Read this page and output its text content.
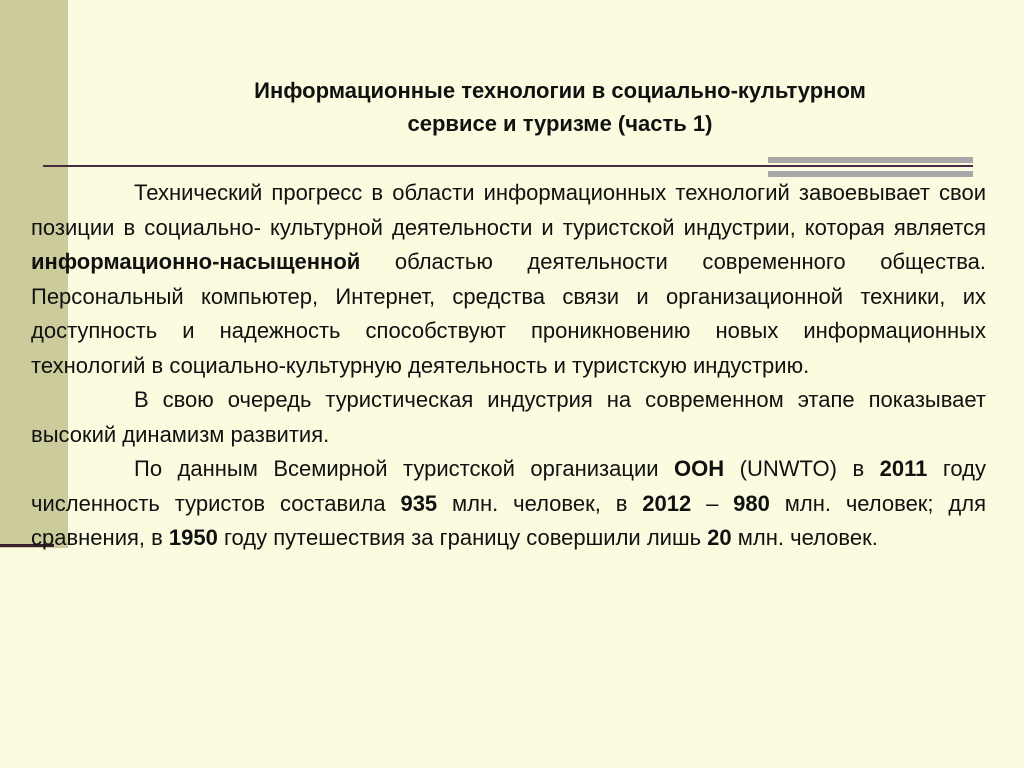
Информационные технологии в социально-культурном
сервисе и туризме (часть 1)

Технический прогресс в области информационных технологий завоевывает свои позиции в социально- культурной деятельности и туристской индустрии, которая является информационно-насыщенной областью деятельности современного общества. Персональный компьютер, Интернет, средства связи и организационной техники, их доступность и надежность способствуют проникновению новых информационных технологий в социально-культурную деятельность и туристскую индустрию.

В свою очередь туристическая индустрия на современном этапе показывает высокий динамизм развития.

По данным Всемирной туристской организации ООН (UNWTO) в 2011 году численность туристов составила 935 млн. человек, в 2012 – 980 млн. человек; для сравнения, в 1950 году путешествия за границу совершили лишь 20 млн. человек.
